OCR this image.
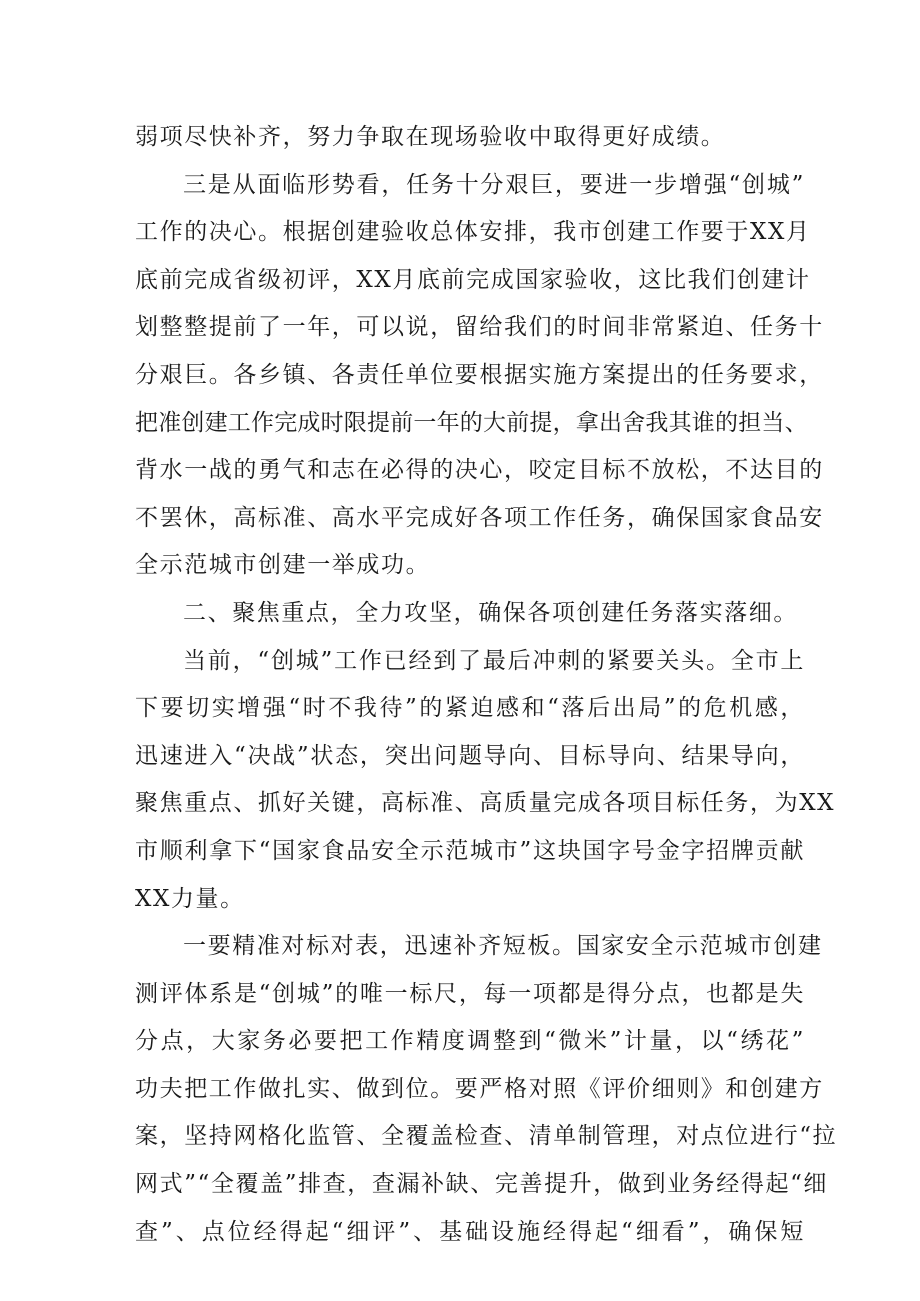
弱项尽快补齐，努力争取在现场验收中取得更好成绩。
三是从面临形势看，任务十分艰巨，要进一步增强“创城”
工作的决心。根据创建验收总体安排，我市创建工作要于XX月
底前完成省级初评，XX月底前完成国家验收，这比我们创建计
划整整提前了一年，可以说，留给我们的时间非常紧迫、任务十
分艰巨。各乡镇、各责任单位要根据实施方案提出的任务要求，
把准创建工作完成时限提前一年的大前提，拿出舍我其谁的担当、
背水一战的勇气和志在必得的决心，咬定目标不放松，不达目的
不罢休，高标准、高水平完成好各项工作任务，确保国家食品安
全示范城市创建一举成功。
二、聚焦重点，全力攻坚，确保各项创建任务落实落细。
当前，“创城”工作已经到了最后冲刺的紧要关头。全市上
下要切实增强“时不我待”的紧迫感和“落后出局”的危机感，
迅速进入“决战”状态，突出问题导向、目标导向、结果导向，
聚焦重点、抓好关键，高标准、高质量完成各项目标任务，为XX
市顺利拿下“国家食品安全示范城市”这块国字号金字招牌贡献
XX力量。
一要精准对标对表，迅速补齐短板。国家安全示范城市创建
测评体系是“创城”的唯一标尺，每一项都是得分点，也都是失
分点，大家务必要把工作精度调整到“微米”计量，以“绣花”
功夫把工作做扎实、做到位。要严格对照《评价细则》和创建方
案，坚持网格化监管、全覆盖检查、清单制管理，对点位进行“拉
网式”“全覆盖”排查，查漏补缺、完善提升，做到业务经得起“细
查”、点位经得起“细评”、基础设施经得起“细看”，确保短
